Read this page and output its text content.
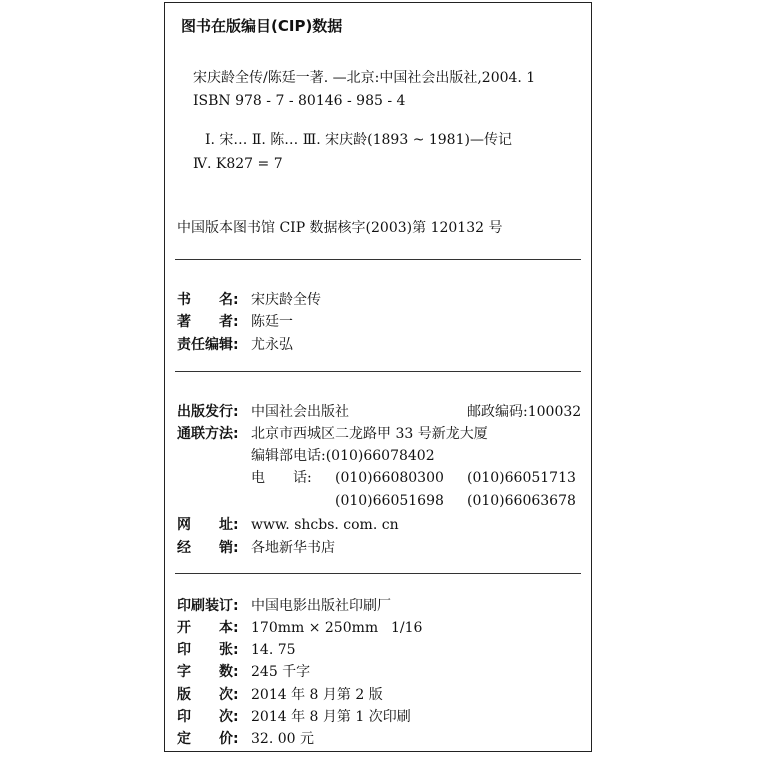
图书在版编目(CIP)数据
宋庆龄全传/陈廷一著. —北京:中国社会出版社,2004. 1
ISBN 978 - 7 - 80146 - 985 - 4
Ⅰ. 宋… Ⅱ. 陈… Ⅲ. 宋庆龄(1893 ~ 1981)—传记
Ⅳ. K827 = 7
中国版本图书馆 CIP 数据核字(2003)第 120132 号
书　　名: 宋庆龄全传
著　　者: 陈廷一
责任编辑: 尤永弘
出版发行: 中国社会出版社	邮政编码:100032
通联方法: 北京市西城区二龙路甲 33 号新龙大厦
编辑部电话:(010)66078402
电　　话: (010)66080300 (010)66051713
(010)66051698 (010)66063678
网　　址: www. shcbs. com. cn
经　　销: 各地新华书店
印刷装订: 中国电影出版社印刷厂
开　　本: 170mm × 250mm 1/16
印　　张: 14. 75
字　　数: 245 千字
版　　次: 2014 年 8 月第 2 版
印　　次: 2014 年 8 月第 1 次印刷
定　　价: 32. 00 元
